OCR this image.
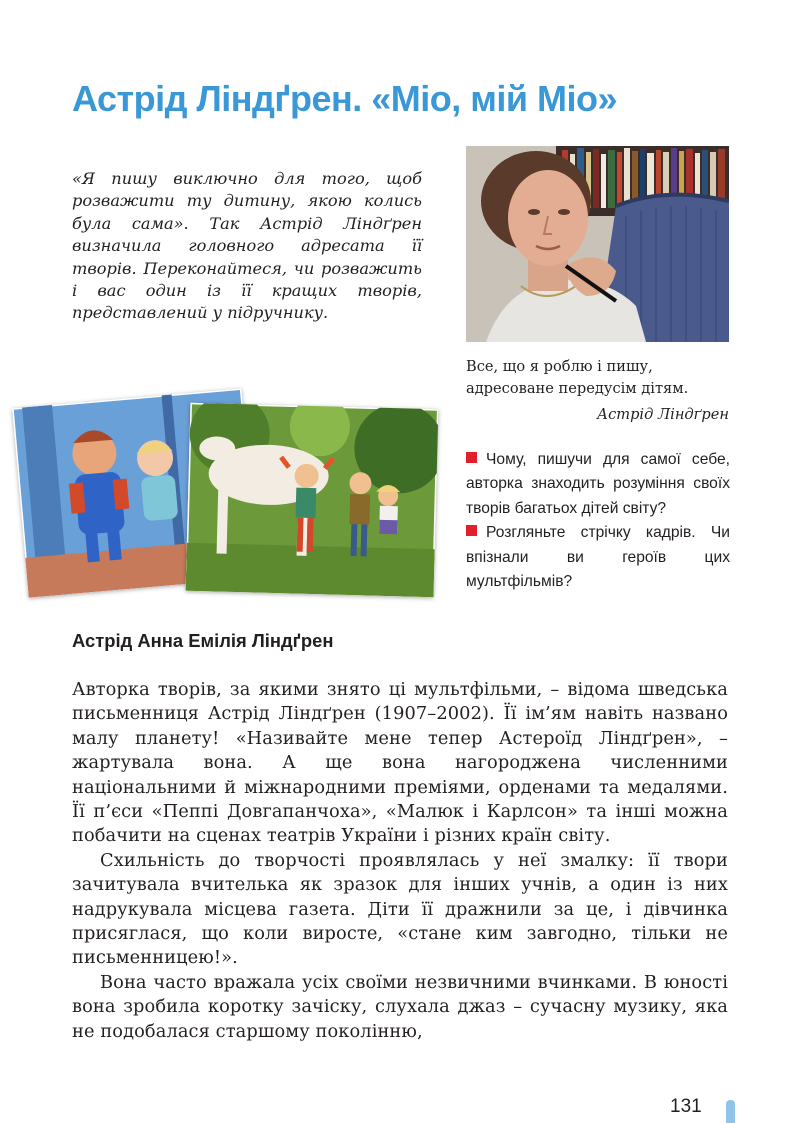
Астрід Ліндґрен. «Міо, мій Міо»
«Я пишу виключно для того, щоб розважити ту дитину, якою колись була сама». Так Астрід Ліндґрен визначила головного адресата її творів. Переконайтеся, чи розважить і вас один із її кращих творів, представлений у підручнику.
Все, що я роблю і пишу, адресоване передусім дітям.
Астрід Ліндґрен
Чому, пишучи для самої себе, авторка знаходить розуміння своїх творів багатьох дітей світу?
Розгляньте стрічку кадрів. Чи впізнали ви героїв цих мультфільмів?
Астрід Анна Емілія Ліндґрен

Авторка творів, за якими знято ці мультфільми, – відома шведська письменниця Астрід Ліндґрен (1907–2002). Її ім’ям навіть названо малу планету! «Називайте мене тепер Астероїд Ліндґрен», – жартувала вона. А ще вона нагороджена численними національними й міжнародними преміями, орденами та медалями. Її п’єси «Пеппі Довгапанчоха», «Малюк і Карлсон» та інші можна побачити на сценах театрів України і різних країн світу.

Схильність до творчості проявлялась у неї змалку: її твори зачитувала вчителька як зразок для інших учнів, а один із них надрукувала місцева газета. Діти її дражнили за це, і дівчинка присяглася, що коли виросте, «стане ким завгодно, тільки не письменницею!».

Вона часто вражала усіх своїми незвичними вчинками. В юності вона зробила коротку зачіску, слухала джаз – сучасну музику, яка не подобалася старшому поколінню,

131
